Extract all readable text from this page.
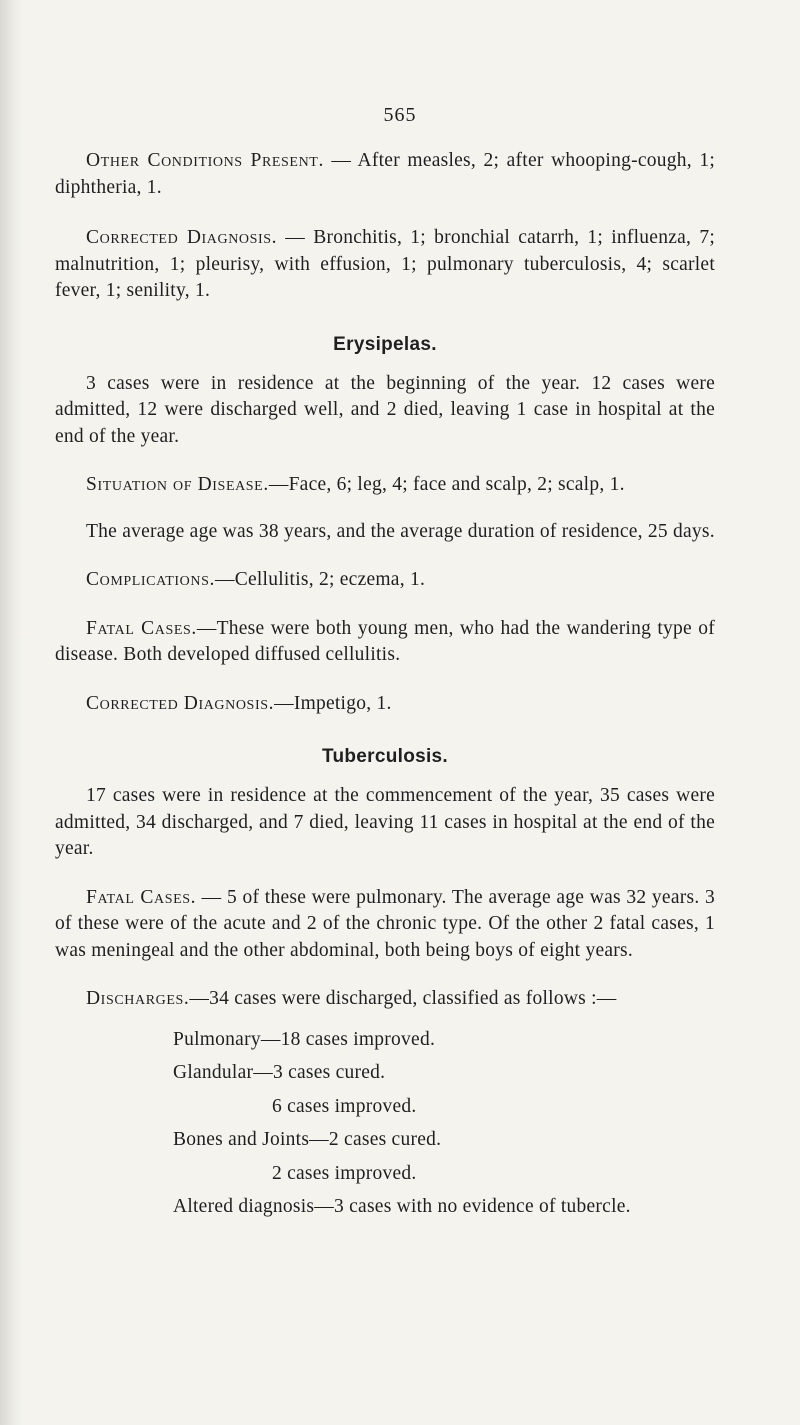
565

Other Conditions Present. — After measles, 2; after whooping-cough, 1; diphtheria, 1.

Corrected Diagnosis. — Bronchitis, 1; bronchial catarrh, 1; influenza, 7; malnutrition, 1; pleurisy, with effusion, 1; pulmonary tuberculosis, 4; scarlet fever, 1; senility, 1.

Erysipelas.

3 cases were in residence at the beginning of the year. 12 cases were admitted, 12 were discharged well, and 2 died, leaving 1 case in hospital at the end of the year.

Situation of Disease.—Face, 6; leg, 4; face and scalp, 2; scalp, 1.

The average age was 38 years, and the average duration of residence, 25 days.

Complications.—Cellulitis, 2; eczema, 1.

Fatal Cases.—These were both young men, who had the wandering type of disease. Both developed diffused cellulitis.

Corrected Diagnosis.—Impetigo, 1.

Tuberculosis.

17 cases were in residence at the commencement of the year, 35 cases were admitted, 34 discharged, and 7 died, leaving 11 cases in hospital at the end of the year.

Fatal Cases. — 5 of these were pulmonary. The average age was 32 years. 3 of these were of the acute and 2 of the chronic type. Of the other 2 fatal cases, 1 was meningeal and the other abdominal, both being boys of eight years.

Discharges.—34 cases were discharged, classified as follows :—

Pulmonary—18 cases improved.
Glandular—3 cases cured.
6 cases improved.
Bones and Joints—2 cases cured.
2 cases improved.
Altered diagnosis—3 cases with no evidence of tubercle.
